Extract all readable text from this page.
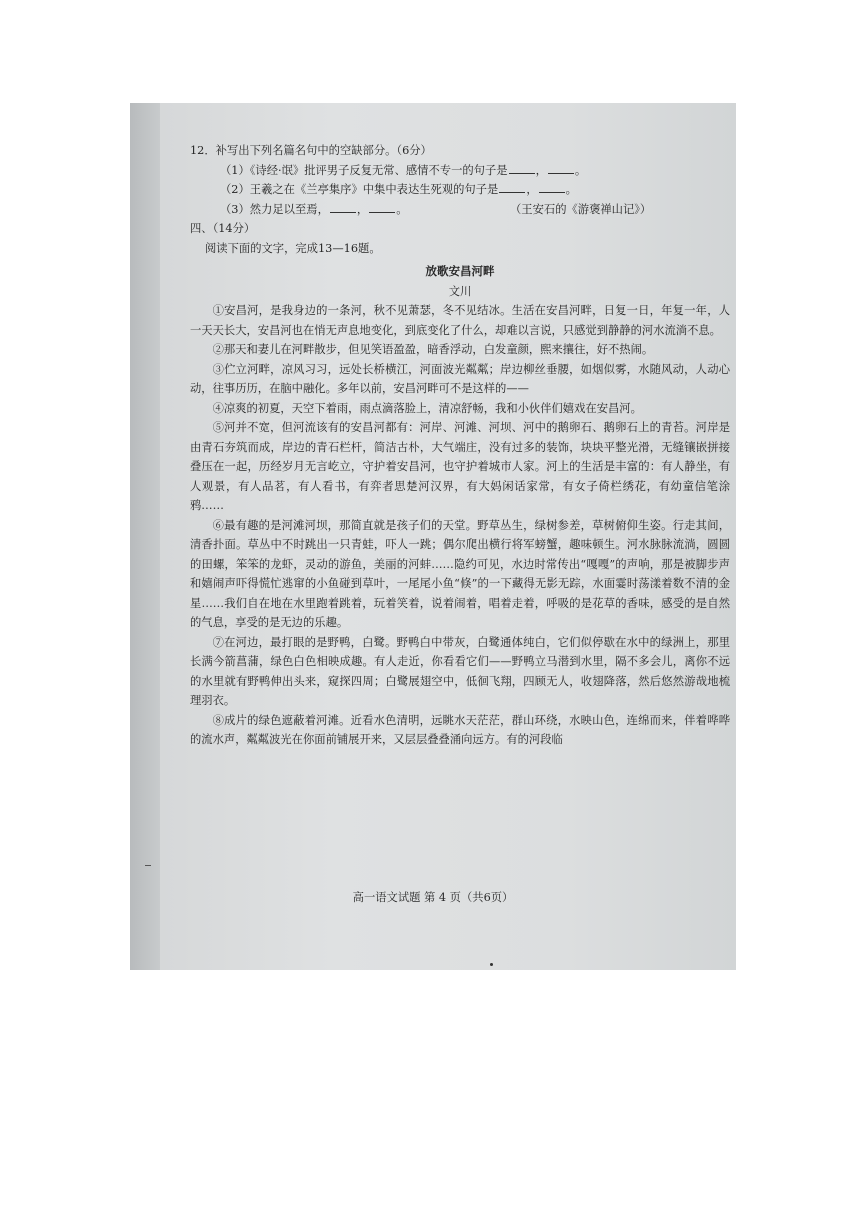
12．补写出下列名篇名句中的空缺部分。（6分）
（1）《诗经·氓》批评男子反复无常、感情不专一的句子是 ， 。
（2）王羲之在《兰亭集序》中集中表达生死观的句子是 ， 。
（3）然力足以至焉， ， 。	（王安石的《游褒禅山记》）
四、（14分）
阅读下面的文字，完成13—16题。
放歌安昌河畔
文川
①安昌河，是我身边的一条河，秋不见萧瑟，冬不见结冰。生活在安昌河畔，日复一日，年复一年，人一天天长大，安昌河也在悄无声息地变化，到底变化了什么，却难以言说，只感觉到静静的河水流淌不息。
②那天和妻儿在河畔散步，但见笑语盈盈，暗香浮动，白发童颜，熙来攘往，好不热闹。
③伫立河畔，凉风习习，远处长桥横江，河面波光粼粼；岸边柳丝垂腰，如烟似雾，水随风动，人动心动，往事历历，在脑中融化。多年以前，安昌河畔可不是这样的——
④凉爽的初夏，天空下着雨，雨点滴落脸上，清凉舒畅，我和小伙伴们嬉戏在安昌河。
⑤河并不宽，但河流该有的安昌河都有：河岸、河滩、河坝、河中的鹅卵石、鹅卵石上的青苔。河岸是由青石夯筑而成，岸边的青石栏杆，简洁古朴，大气端庄，没有过多的装饰，块块平整光滑，无缝镶嵌拼接叠压在一起，历经岁月无言屹立，守护着安昌河，也守护着城市人家。河上的生活是丰富的：有人静坐，有人观景，有人品茗，有人看书，有弈者思楚河汉界，有大妈闲话家常，有女子倚栏绣花，有幼童信笔涂鸦……
⑥最有趣的是河滩河坝，那简直就是孩子们的天堂。野草丛生，绿树参差，草树俯仰生姿。行走其间，清香扑面。草丛中不时跳出一只青蛙，吓人一跳；偶尔爬出横行将军螃蟹，趣味顿生。河水脉脉流淌，圆圆的田螺，笨笨的龙虾，灵动的游鱼，美丽的河蚌……隐约可见，水边时常传出“嘎嘎”的声响，那是被脚步声和嬉闹声吓得慌忙逃窜的小鱼碰到草叶，一尾尾小鱼“倏”的一下藏得无影无踪，水面霎时荡漾着数不清的金星……我们自在地在水里跑着跳着，玩着笑着，说着闹着，唱着走着，呼吸的是花草的香味，感受的是自然的气息，享受的是无边的乐趣。
⑦在河边，最打眼的是野鸭，白鹭。野鸭白中带灰，白鹭通体纯白，它们似停歇在水中的绿洲上，那里长满今箭菖蒲，绿色白色相映成趣。有人走近，你看看它们——野鸭立马潜到水里，隔不多会儿，离你不远的水里就有野鸭伸出头来，窥探四周；白鹭展翅空中，低徊飞翔，四顾无人，收翅降落，然后悠然游哉地梳理羽衣。
⑧成片的绿色遮蔽着河滩。近看水色清明，远眺水天茫茫，群山环绕，水映山色，连绵而来，伴着哗哗的流水声，粼粼波光在你面前铺展开来，又层层叠叠涌向远方。有的河段临
高一语文试题 第 4 页（共6页）
